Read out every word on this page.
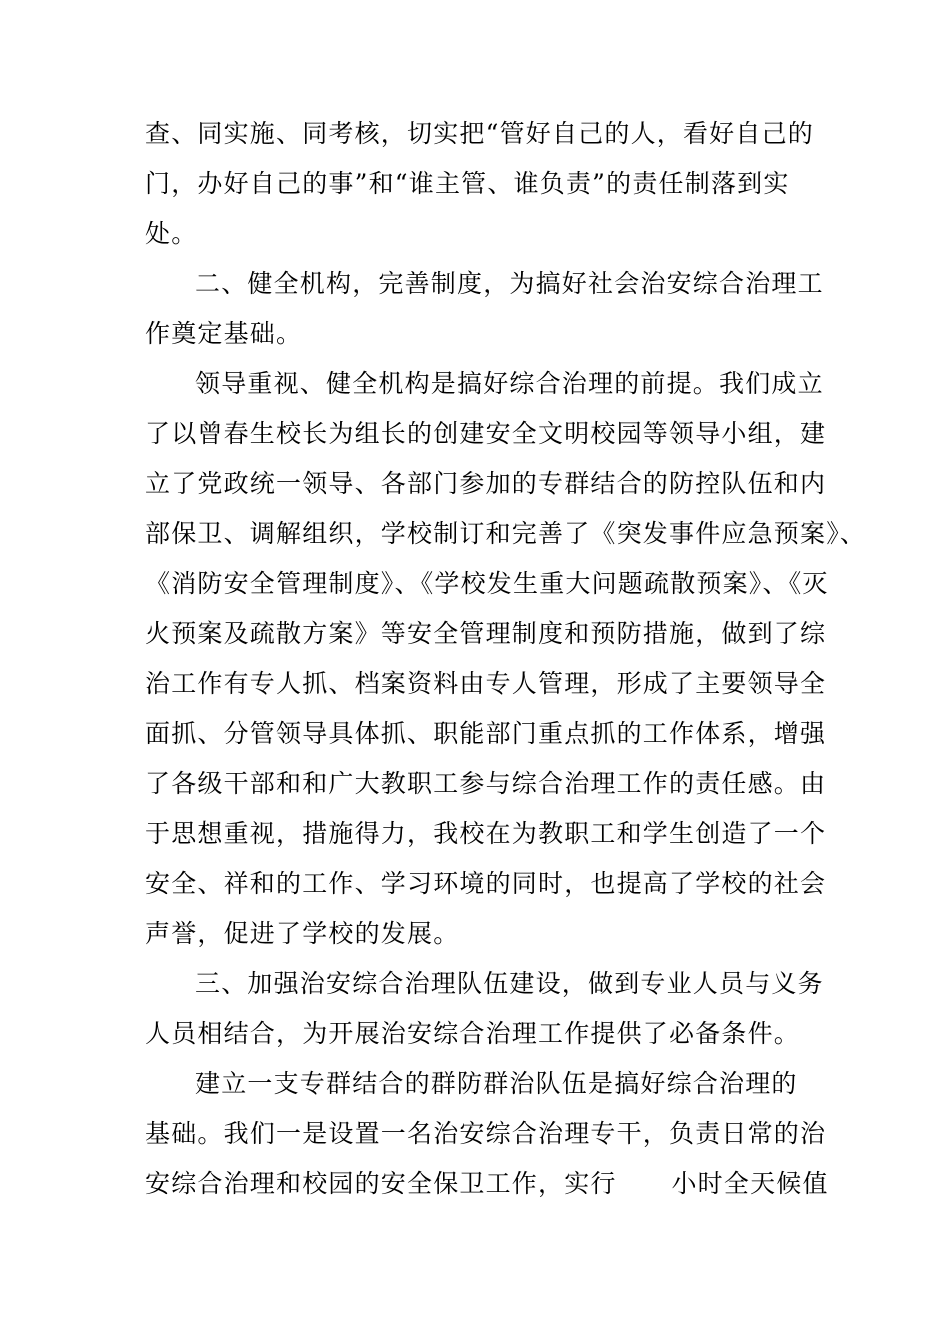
查、同实施、同考核，切实把“管好自己的人，看好自己的
门，办好自己的事”和“谁主管、谁负责”的责任制落到实
处。
二、健全机构，完善制度，为搞好社会治安综合治理工
作奠定基础。
领导重视、健全机构是搞好综合治理的前提。我们成立
了以曾春生校长为组长的创建安全文明校园等领导小组，建
立了党政统一领导、各部门参加的专群结合的防控队伍和内
部保卫、调解组织，学校制订和完善了《突发事件应急预案》、
《消防安全管理制度》、《学校发生重大问题疏散预案》、《灭
火预案及疏散方案》等安全管理制度和预防措施，做到了综
治工作有专人抓、档案资料由专人管理，形成了主要领导全
面抓、分管领导具体抓、职能部门重点抓的工作体系，增强
了各级干部和和广大教职工参与综合治理工作的责任感。由
于思想重视，措施得力，我校在为教职工和学生创造了一个
安全、祥和的工作、学习环境的同时，也提高了学校的社会
声誉，促进了学校的发展。
三、加强治安综合治理队伍建设，做到专业人员与义务
人员相结合，为开展治安综合治理工作提供了必备条件。
建立一支专群结合的群防群治队伍是搞好综合治理的
基础。我们一是设置一名治安综合治理专干，负责日常的治
安综合治理和校园的安全保卫工作，实行      小时全天候值
